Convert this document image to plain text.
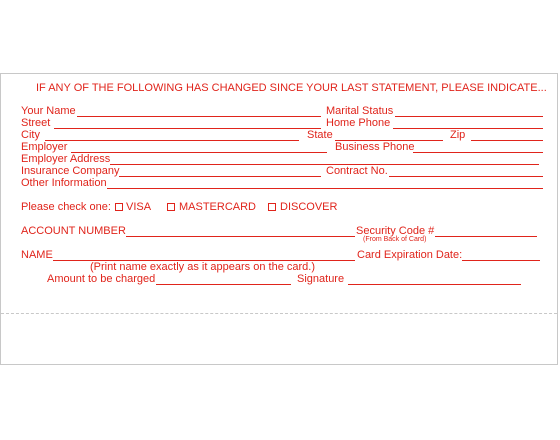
IF ANY OF THE FOLLOWING HAS CHANGED SINCE YOUR LAST STATEMENT, PLEASE INDICATE...
Your Name	Marital Status
Street	Home Phone
City	State	Zip
Employer	Business Phone
Employer Address
Insurance Company	Contract No.
Other Information
Please check one: VISA	MASTERCARD DISCOVER
ACCOUNT NUMBER	Security Code #
(From Back of Card)
NAME	Card Expiration Date:
(Print name exactly as it appears on the card.)
Amount to be charged	Signature
